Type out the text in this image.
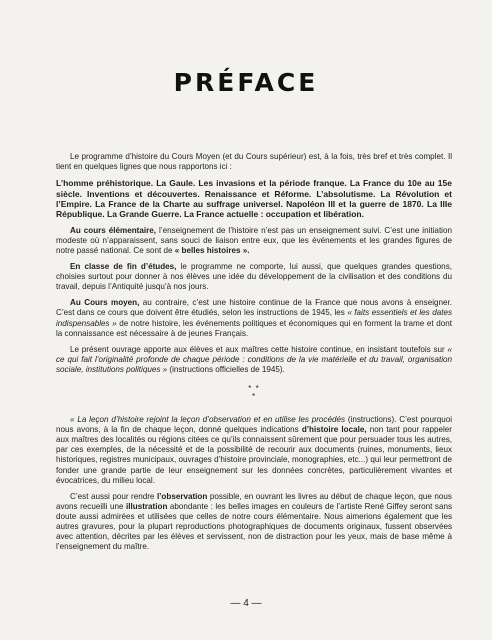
PRÉFACE

Le programme d’histoire du Cours Moyen (et du Cours supérieur) est, à la fois, très bref et très complet. Il tient en quelques lignes que nous rapportons ici :

L’homme préhistorique. La Gaule. Les invasions et la période franque. La France du 10e au 15e siècle. Inventions et découvertes. Renaissance et Réforme. L’absolutisme. La Révolution et l’Empire. La France de la Charte au suffrage universel. Napoléon III et la guerre de 1870. La IIIe République. La Grande Guerre. La France actuelle : occupation et libération.

Au cours élémentaire, l’enseignement de l’histoire n’est pas un enseignement suivi. C’est une initiation modeste où n’apparaissent, sans souci de liaison entre eux, que les événements et les grandes figures de notre passé national. Ce sont de « belles histoires ».

En classe de fin d’études, le programme ne comporte, lui aussi, que quelques grandes questions, choisies surtout pour donner à nos élèves une idée du développement de la civilisation et des conditions du travail, depuis l’Antiquité jusqu’à nos jours.

Au Cours moyen, au contraire, c’est une histoire continue de la France que nous avons à enseigner. C’est dans ce cours que doivent être étudiés, selon les instructions de 1945, les « faits essentiels et les dates indispensables » de notre histoire, les événements politiques et économiques qui en forment la trame et dont la connaissance est nécessaire à de jeunes Français.

Le présent ouvrage apporte aux élèves et aux maîtres cette histoire continue, en insistant toutefois sur « ce qui fait l’originalité profonde de chaque période : conditions de la vie matérielle et du travail, organisation sociale, institutions politiques » (instructions officielles de 1945).

* *
*

« La leçon d’histoire rejoint la leçon d’observation et en utilise les procédés (instructions). C’est pourquoi nous avons, à la fin de chaque leçon, donné quelques indications d’histoire locale, non tant pour rappeler aux maîtres des localités ou régions citées ce qu’ils connaissent sûrement que pour persuader tous les autres, par ces exemples, de la nécessité et de la possibilité de recourir aux documents (ruines, monuments, lieux historiques, registres municipaux, ouvrages d’histoire provinciale, monographies, etc...) qui leur permettront de fonder une grande partie de leur enseignement sur les données concrètes, particulièrement vivantes et évocatrices, du milieu local.

C’est aussi pour rendre l’observation possible, en ouvrant les livres au début de chaque leçon, que nous avons recueilli une illustration abondante : les belles images en couleurs de l’artiste René Giffey seront sans doute aussi admirées et utilisées que celles de notre cours élémentaire. Nous aimerions également que les autres gravures, pour la plupart reproductions photographiques de documents originaux, fussent observées avec attention, décrites par les élèves et servissent, non de distraction pour les yeux, mais de base même à l’enseignement du maître.

— 4 —
